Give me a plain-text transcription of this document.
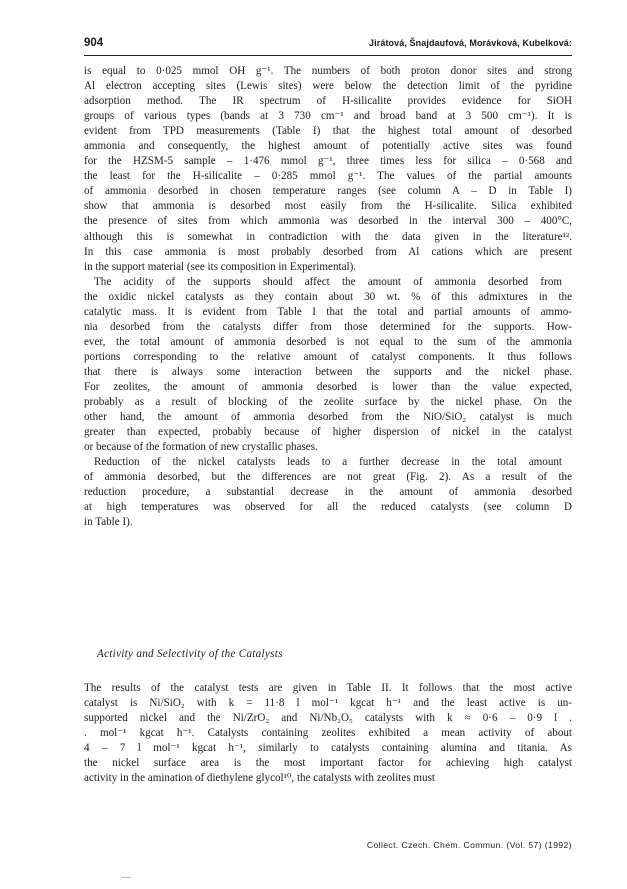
904	Jirátová, Šnajdaufová, Morávková, Kubelková:

is equal to 0·025 mmol OH g⁻¹. The numbers of both proton donor sites and strong
Al electron accepting sites (Lewis sites) were below the detection limit of the pyridine
adsorption method. The IR spectrum of H-silicalite provides evidence for SiOH
groups of various types (bands at 3 730 cm⁻¹ and broad band at 3 500 cm⁻¹). It is
evident from TPD measurements (Table I) that the highest total amount of desorbed
ammonia and consequently, the highest amount of potentially active sites was found
for the HZSM-5 sample – 1·476 mmol g⁻¹, three times less for silica – 0·568 and
the least for the H-silicalite – 0·285 mmol g⁻¹. The values of the partial amounts
of ammonia desorbed in chosen temperature ranges (see column A – D in Table I)
show that ammonia is desorbed most easily from the H-silicalite. Silica exhibited
the presence of sites from which ammonia was desorbed in the interval 300 – 400°C,
although this is somewhat in contradiction with the data given in the literature¹².
In this case ammonia is most probably desorbed from Al cations which are present
in the support material (see its composition in Experimental).

The acidity of the supports should affect the amount of ammonia desorbed from
the oxidic nickel catalysts as they contain about 30 wt. % of this admixtures in the
catalytic mass. It is evident from Table I that the total and partial amounts of ammo-
nia desorbed from the catalysts differ from those determined for the supports. How-
ever, the total amount of ammonia desorbed is not equal to the sum of the ammonia
portions corresponding to the relative amount of catalyst components. It thus follows
that there is always some interaction between the supports and the nickel phase.
For zeolites, the amount of ammonia desorbed is lower than the value expected,
probably as a result of blocking of the zeolite surface by the nickel phase. On the
other hand, the amount of ammonia desorbed from the NiO/SiO₂ catalyst is much
greater than expected, probably because of higher dispersion of nickel in the catalyst
or because of the formation of new crystallic phases.

Reduction of the nickel catalysts leads to a further decrease in the total amount
of ammonia desorbed, but the differences are not great (Fig. 2). As a result of the
reduction procedure, a substantial decrease in the amount of ammonia desorbed
at high temperatures was observed for all the reduced catalysts (see column D
in Table I).

Activity and Selectivity of the Catalysts

The results of the catalyst tests are given in Table II. It follows that the most active
catalyst is Ni/SiO₂ with k = 11·8 l mol⁻¹ kgcat h⁻¹ and the least active is un-
supported nickel and the Ni/ZrO₂ and Ni/Nb₂O₅ catalysts with k ≈ 0·6 – 0·9 l .
. mol⁻¹ kgcat h⁻¹. Catalysts containing zeolites exhibited a mean activity of about
4 – 7 l mol⁻¹ kgcat h⁻¹, similarly to catalysts containing alumina and titania. As
the nickel surface area is the most important factor for achieving high catalyst
activity in the amination of diethylene glycol¹⁰, the catalysts with zeolites must

Collect. Czech. Chem. Commun. (Vol. 57) (1992)
